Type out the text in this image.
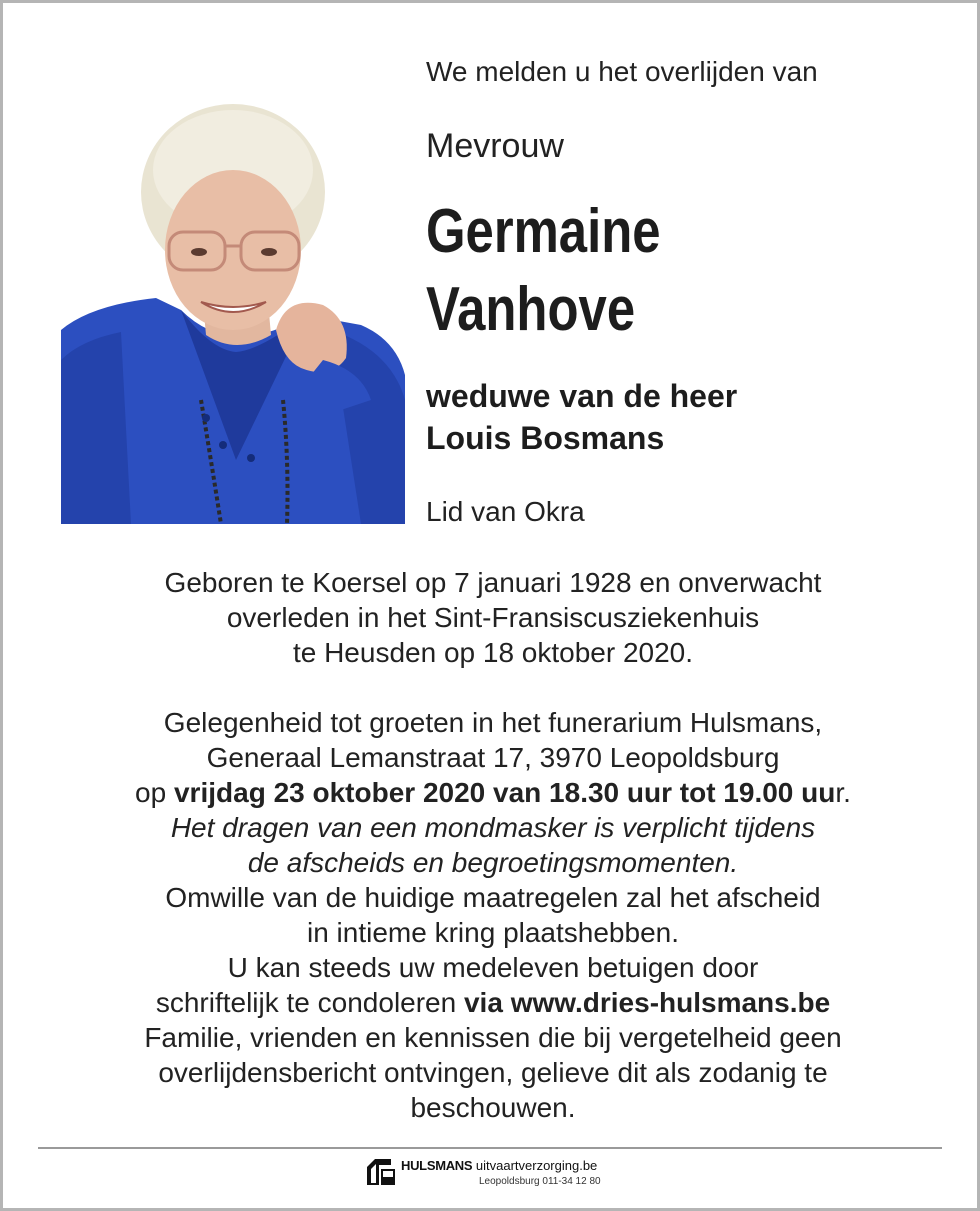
We melden u het overlijden van
Mevrouw
Germaine
Vanhove
weduwe van de heer
Louis Bosmans
Lid van Okra
Geboren te Koersel op 7 januari 1928 en onverwacht
overleden in het Sint-Fransiscusziekenhuis
te Heusden op 18 oktober 2020.
Gelegenheid tot groeten in het funerarium Hulsmans,
Generaal Lemanstraat 17, 3970 Leopoldsburg
op vrijdag 23 oktober 2020 van 18.30 uur tot 19.00 uur.
Het dragen van een mondmasker is verplicht tijdens
de afscheids en begroetingsmomenten.
Omwille van de huidige maatregelen zal het afscheid
in intieme kring plaatshebben.
U kan steeds uw medeleven betuigen door
schriftelijk te condoleren via www.dries-hulsmans.be
Familie, vrienden en kennissen die bij vergetelheid geen
overlijdensbericht ontvingen, gelieve dit als zodanig te
beschouwen.
HULSMANS uitvaartverzorging.be
Leopoldsburg 011-34 12 80
